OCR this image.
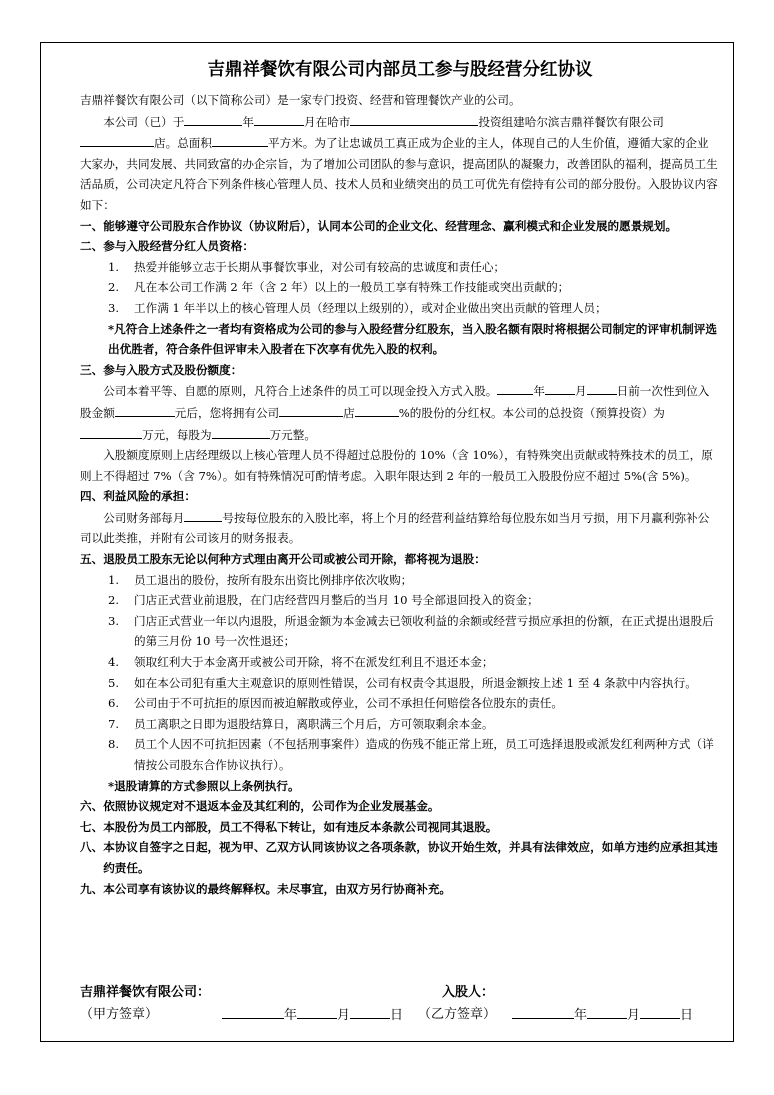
吉鼎祥餐饮有限公司内部员工参与股经营分红协议

吉鼎祥餐饮有限公司（以下简称公司）是一家专门投资、经营和管理餐饮产业的公司。

本公司（已）于	年	月在哈市	投资组建哈尔滨吉鼎祥餐饮有限公司店。总面积	平方米。为了让忠诚员工真正成为企业的主人，体现自己的人生价值，遵循大家的企业大家办，共同发展、共同致富的办企宗旨，为了增加公司团队的参与意识，提高团队的凝聚力，改善团队的福利，提高员工生活品质，公司决定凡符合下列条件核心管理人员、技术人员和业绩突出的员工可优先有偿持有公司的部分股份。入股协议内容如下：

一、能够遵守公司股东合作协议（协议附后），认同本公司的企业文化、经营理念、赢利模式和企业发展的愿景规划。

二、参与入股经营分红人员资格：

1.	热爱并能够立志于长期从事餐饮事业，对公司有较高的忠诚度和责任心；
2.	凡在本公司工作满 2 年（含 2 年）以上的一般员工享有特殊工作技能或突出贡献的；
3.	工作满 1 年半以上的核心管理人员（经理以上级别的），或对企业做出突出贡献的管理人员；

*凡符合上述条件之一者均有资格成为公司的参与入股经营分红股东，当入股名额有限时将根据公司制定的评审机制评选出优胜者，符合条件但评审未入股者在下次享有优先入股的权利。

三、参与入股方式及股份额度：

公司本着平等、自愿的原则，凡符合上述条件的员工可以现金投入方式入股。	年	月	日前一次性到位入股金额	元后，您将拥有公司	店	%的股份的分红权。本公司的总投资（预算投资）为万元，每股为	万元整。

入股额度原则上店经理级以上核心管理人员不得超过总股份的 10%（含 10%），有特殊突出贡献或特殊技术的员工，原则上不得超过 7%（含 7%）。如有特殊情况可酌情考虑。入职年限达到 2 年的一般员工入股股份应不超过 5%(含 5%)。

四、利益风险的承担：

公司财务部每月	号按每位股东的入股比率，将上个月的经营利益结算给每位股东如当月亏损，用下月赢利弥补公司以此类推，并附有公司该月的财务报表。

五、退股员工股东无论以何种方式理由离开公司或被公司开除，都将视为退股：

1.	员工退出的股份，按所有股东出资比例排序依次收购；
2.	门店正式营业前退股，在门店经营四月整后的当月 10 号全部退回投入的资金；
3.	门店正式营业一年以内退股，所退金额为本金减去已领收利益的余额或经营亏损应承担的份额，在正式提出退股后的第三月份 10 号一次性退还；
4.	领取红利大于本金离开或被公司开除，将不在派发红利且不退还本金；
5.	如在本公司犯有重大主观意识的原则性错误，公司有权责令其退股，所退金额按上述 1 至 4 条款中内容执行。
6.	公司由于不可抗拒的原因而被迫解散或停业，公司不承担任何赔偿各位股东的责任。
7.	员工离职之日即为退股结算日，离职满三个月后，方可领取剩余本金。
8.	员工个人因不可抗拒因素（不包括刑事案件）造成的伤残不能正常上班，员工可选择退股或派发红利两种方式（详情按公司股东合作协议执行）。

*退股请算的方式参照以上条例执行。

六、依照协议规定对不退返本金及其红利的，公司作为企业发展基金。

七、本股份为员工内部股，员工不得私下转让，如有违反本条款公司视同其退股。

八、本协议自签字之日起，视为甲、乙双方认同该协议之各项条款，协议开始生效，并具有法律效应，如单方违约应承担其违约责任。

九、本公司享有该协议的最终解释权。未尽事宜，由双方另行协商补充。

吉鼎祥餐饮有限公司：	入股人：
（甲方签章）	年	月	日 （乙方签章）	年	月	日
